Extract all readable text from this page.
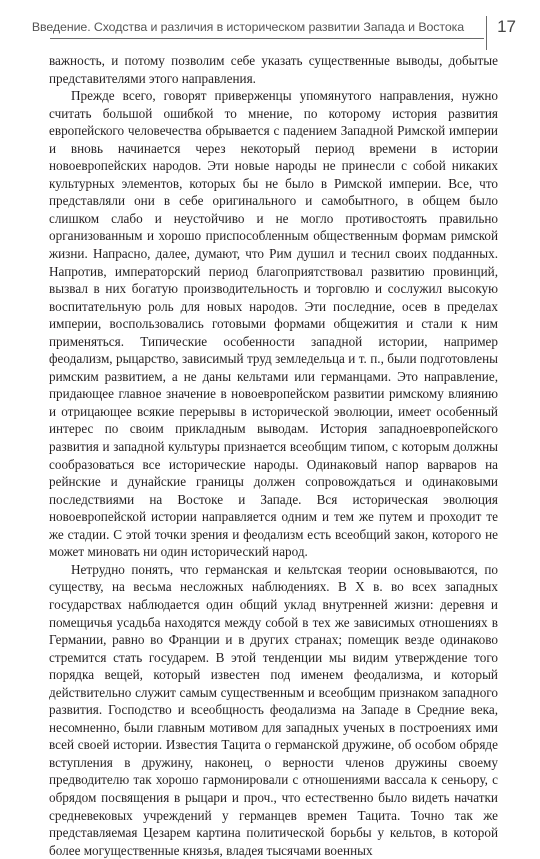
Введение. Сходства и различия в историческом развитии Запада и Востока 17

важность, и потому позволим себе указать существенные выводы, добытые представителями этого направления.

Прежде всего, говорят приверженцы упомянутого направления, нужно считать большой ошибкой то мнение, по которому история развития европейского человечества обрывается с падением Западной Римской империи и вновь начинается через некоторый период времени в истории новоевропейских народов. Эти новые народы не принесли с собой никаких культурных элементов, которых бы не было в Римской империи. Все, что представляли они в себе оригинального и самобытного, в общем было слишком слабо и неустойчиво и не могло противостоять правильно организованным и хорошо приспособленным общественным формам римской жизни. Напрасно, далее, думают, что Рим душил и теснил своих подданных. Напротив, императорский период благоприятствовал развитию провинций, вызвал в них богатую производительность и торговлю и сослужил высокую воспитательную роль для новых народов. Эти последние, осев в пределах империи, воспользовались готовыми формами общежития и стали к ним применяться. Типические особенности западной истории, например феодализм, рыцарство, зависимый труд земледельца и т. п., были подготовлены римским развитием, а не даны кельтами или германцами. Это направление, придающее главное значение в новоевропейском развитии римскому влиянию и отрицающее всякие перерывы в исторической эволюции, имеет особенный интерес по своим прикладным выводам. История западноевропейского развития и западной культуры признается всеобщим типом, с которым должны сообразоваться все исторические народы. Одинаковый напор варваров на рейнские и дунайские границы должен сопровождаться и одинаковыми последствиями на Востоке и Западе. Вся историческая эволюция новоевропейской истории направляется одним и тем же путем и проходит те же стадии. С этой точки зрения и феодализм есть всеобщий закон, которого не может миновать ни один исторический народ.

Нетрудно понять, что германская и кельтская теории основываются, по существу, на весьма несложных наблюдениях. В X в. во всех западных государствах наблюдается один общий уклад внутренней жизни: деревня и помещичья усадьба находятся между собой в тех же зависимых отношениях в Германии, равно во Франции и в других странах; помещик везде одинаково стремится стать государем. В этой тенденции мы видим утверждение того порядка вещей, который известен под именем феодализма, и который действительно служит самым существенным и всеобщим признаком западного развития. Господство и всеобщность феодализма на Западе в Средние века, несомненно, были главным мотивом для западных ученых в построениях ими всей своей истории. Известия Тацита о германской дружине, об особом обряде вступления в дружину, наконец, о верности членов дружины своему предводителю так хорошо гармонировали с отношениями вассала к сеньору, с обрядом посвящения в рыцари и проч., что естественно было видеть начатки средневековых учреждений у германцев времен Тацита. Точно так же представляемая Цезарем картина политической борьбы у кельтов, в которой более могущественные князья, владея тысячами военных
